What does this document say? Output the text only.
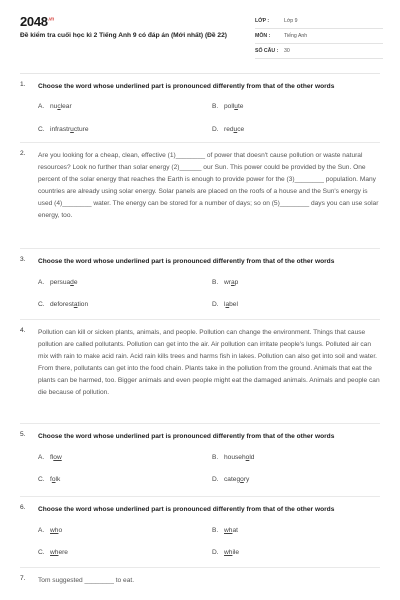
$2048^{.vn}$
Đề kiểm tra cuối học kì 2 Tiếng Anh 9 có đáp án (Mới nhất) (Đề 22)
LỚP :	Lớp 9
MÔN :	Tiếng Anh
SỐ CÂU :	30
1. Choose the word whose underlined part is pronounced differently from that of the other words
A. nuclear	B. pollute
C. infrastructure	D. reduce
2. Are you looking for a cheap, clean, effective (1)________ of power that doesn't cause pollution or waste natural resources? Look no further than solar energy (2)______ our Sun. This power could be provided by the Sun. One percent of the solar energy that reaches the Earth is enough to provide power for the (3)________ population. Many countries are already using solar energy. Solar panels are placed on the roofs of a house and the Sun's energy is used (4)________ water. The energy can be stored for a number of days; so on (5)________ days you can use solar energy, too.
3. Choose the word whose underlined part is pronounced differently from that of the other words
A. persuade	B. wrap
C. deforestation	D. label
4. Pollution can kill or sicken plants, animals, and people. Pollution can change the environment. Things that cause pollution are called pollutants. Pollution can get into the air. Air pollution can irritate people's lungs. Polluted air can mix with rain to make acid rain. Acid rain kills trees and harms fish in lakes. Pollution can also get into soil and water. From there, pollutants can get into the food chain. Plants take in the pollution from the ground. Animals that eat the plants can be harmed, too. Bigger animals and even people might eat the damaged animals. Animals and people can die because of pollution.
5. Choose the word whose underlined part is pronounced differently from that of the other words
A. flow	B. household
C. folk	D. category
6. Choose the word whose underlined part is pronounced differently from that of the other words
A. who	B. what
C. where	D. while
7. Tom suggested ________ to eat.
